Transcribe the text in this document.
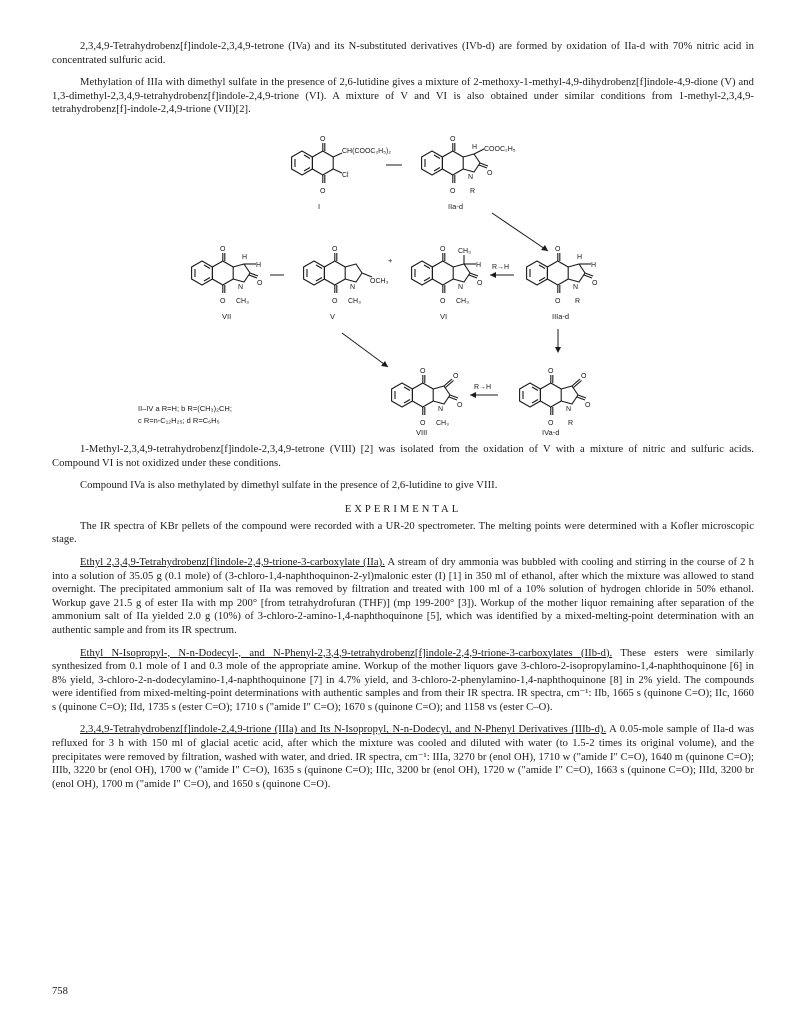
2,3,4,9-Tetrahydrobenz[f]indole-2,3,4,9-tetrone (IVa) and its N-substituted derivatives (IVb-d) are formed by oxidation of IIa-d with 70% nitric acid in concentrated sulfuric acid.

Methylation of IIIa with dimethyl sulfate in the presence of 2,6-lutidine gives a mixture of 2-methoxy-1-methyl-4,9-dihydrobenz[f]indole-4,9-dione (V) and 1,3-dimethyl-2,3,4,9-tetrahydrobenz[f]indole-2,4,9-trione (VI). A mixture of V and VI is also obtained under similar conditions from 1-methyl-2,3,4,9-tetrahydrobenz[f]-indole-2,4,9-trione (VII)[2].

O
O
CH(COOC₂H₅)₂
Cl
I
O
O
H COOC₂H₅
N
O
R
IIa-d
O
O
H
H
N
O
CH₃
VII
O
O
N
OCH₃
CH₃
V
+
O
O
CH₃
H
N
O
CH₃
VI
R→H
O
O
H
H
N
O
R
IIIa-d
O
O
O
N
O
CH₃
VIII
R→H
O
O
O
N
O
R
IVa-d
II–IV a R=H; b R=(CH₃)₂CH;
c R=n-C₁₂H₂₅; d R=C₆H₅

1-Methyl-2,3,4,9-tetrahydrobenz[f]indole-2,3,4,9-tetrone (VIII) [2] was isolated from the oxidation of V with a mixture of nitric and sulfuric acids. Compound VI is not oxidized under these conditions.

Compound IVa is also methylated by dimethyl sulfate in the presence of 2,6-lutidine to give VIII.

EXPERIMENTAL

The IR spectra of KBr pellets of the compound were recorded with a UR-20 spectrometer. The melting points were determined with a Kofler microscopic stage.

Ethyl 2,3,4,9-Tetrahydrobenz[f]indole-2,4,9-trione-3-carboxylate (IIa). A stream of dry ammonia was bubbled with cooling and stirring in the course of 2 h into a solution of 35.05 g (0.1 mole) of (3-chloro-1,4-naphthoquinon-2-yl)malonic ester (I) [1] in 350 ml of ethanol, after which the mixture was allowed to stand overnight. The precipitated ammonium salt of IIa was removed by filtration and treated with 100 ml of a 10% solution of hydrogen chloride in 50% ethanol. Workup gave 21.5 g of ester IIa with mp 200° [from tetrahydrofuran (THF)] (mp 199-200° [3]). Workup of the mother liquor remaining after separation of the ammonium salt of IIa yielded 2.0 g (10%) of 3-chloro-2-amino-1,4-naphthoquinone [5], which was identified by a mixed-melting-point determination with an authentic sample and from its IR spectrum.

Ethyl N-Isopropyl-, N-n-Dodecyl-, and N-Phenyl-2,3,4,9-tetrahydrobenz[f]indole-2,4,9-trione-3-carboxylates (IIb-d). These esters were similarly synthesized from 0.1 mole of I and 0.3 mole of the appropriate amine. Workup of the mother liquors gave 3-chloro-2-isopropylamino-1,4-naphthoquinone [6] in 8% yield, 3-chloro-2-n-dodecylamino-1,4-naphthoquinone [7] in 4.7% yield, and 3-chloro-2-phenylamino-1,4-naphthoquinone [8] in 2% yield. The compounds were identified from mixed-melting-point determinations with authentic samples and from their IR spectra. IR spectra, cm⁻¹: IIb, 1665 s (quinone C=O); IIc, 1660 s (quinone C=O); IId, 1735 s (ester C=O); 1710 s ("amide I" C=O); 1670 s (quinone C=O); and 1158 vs (ester C–O).

2,3,4,9-Tetrahydrobenz[f]indole-2,4,9-trione (IIIa) and Its N-Isopropyl, N-n-Dodecyl, and N-Phenyl Derivatives (IIIb-d). A 0.05-mole sample of IIa-d was refluxed for 3 h with 150 ml of glacial acetic acid, after which the mixture was cooled and diluted with water (to 1.5-2 times its original volume), and the precipitates were removed by filtration, washed with water, and dried. IR spectra, cm⁻¹: IIIa, 3270 br (enol OH), 1710 w ("amide I" C=O), 1640 m (quinone C=O); IIIb, 3220 br (enol OH), 1700 w ("amide I" C=O), 1635 s (quinone C=O); IIIc, 3200 br (enol OH), 1720 w ("amide I" C=O), 1663 s (quinone C=O); IIId, 3200 br (enol OH), 1700 m ("amide I" C=O), and 1650 s (quinone C=O).

758
